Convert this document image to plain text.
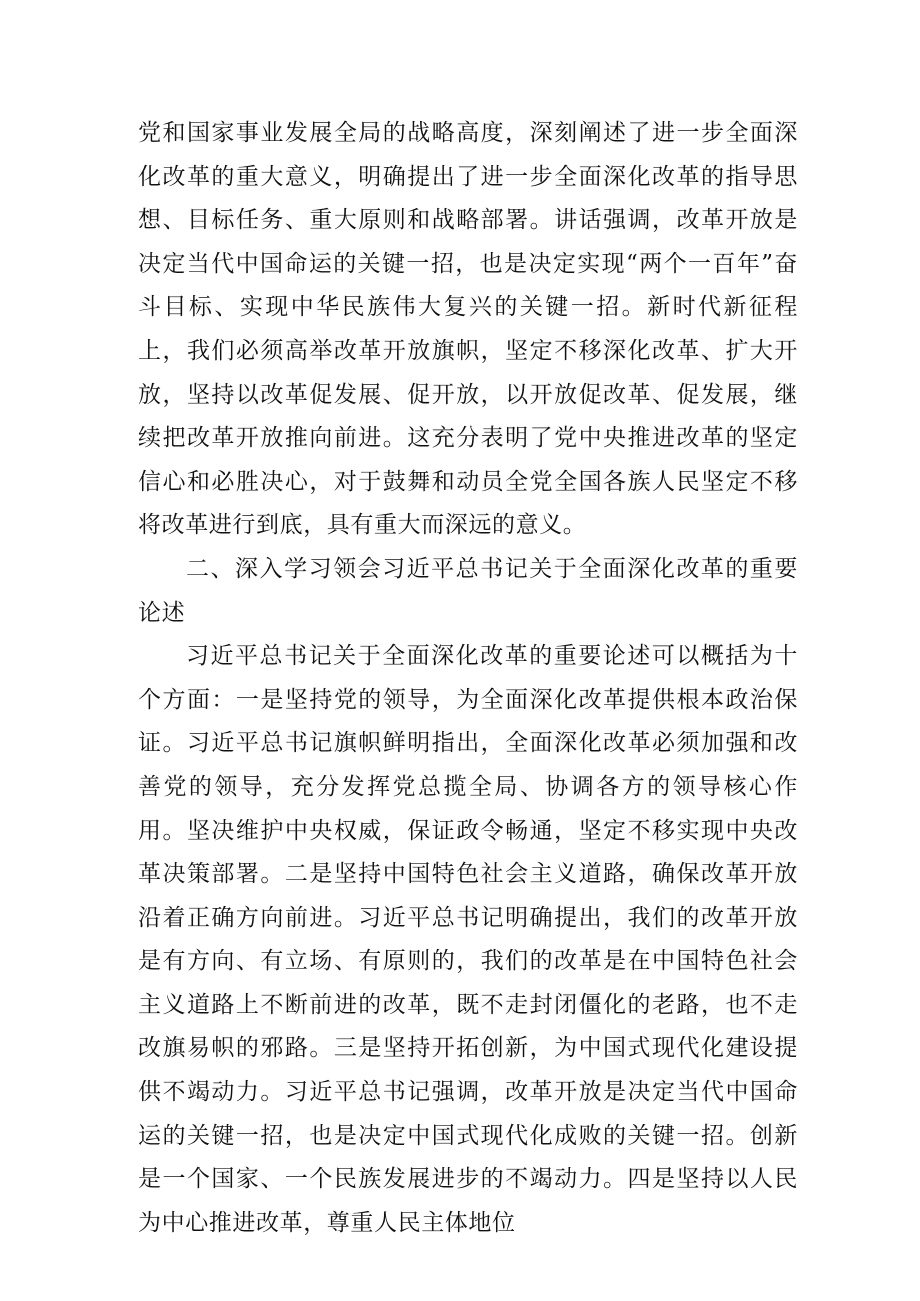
党和国家事业发展全局的战略高度，深刻阐述了进一步全面深化改革的重大意义，明确提出了进一步全面深化改革的指导思想、目标任务、重大原则和战略部署。讲话强调，改革开放是决定当代中国命运的关键一招，也是决定实现“两个一百年”奋斗目标、实现中华民族伟大复兴的关键一招。新时代新征程上，我们必须高举改革开放旗帜，坚定不移深化改革、扩大开放，坚持以改革促发展、促开放，以开放促改革、促发展，继续把改革开放推向前进。这充分表明了党中央推进改革的坚定信心和必胜决心，对于鼓舞和动员全党全国各族人民坚定不移将改革进行到底，具有重大而深远的意义。

二、深入学习领会习近平总书记关于全面深化改革的重要论述

习近平总书记关于全面深化改革的重要论述可以概括为十个方面：一是坚持党的领导，为全面深化改革提供根本政治保证。习近平总书记旗帜鲜明指出，全面深化改革必须加强和改善党的领导，充分发挥党总揽全局、协调各方的领导核心作用。坚决维护中央权威，保证政令畅通，坚定不移实现中央改革决策部署。二是坚持中国特色社会主义道路，确保改革开放沿着正确方向前进。习近平总书记明确提出，我们的改革开放是有方向、有立场、有原则的，我们的改革是在中国特色社会主义道路上不断前进的改革，既不走封闭僵化的老路，也不走改旗易帜的邪路。三是坚持开拓创新，为中国式现代化建设提供不竭动力。习近平总书记强调，改革开放是决定当代中国命运的关键一招，也是决定中国式现代化成败的关键一招。创新是一个国家、一个民族发展进步的不竭动力。四是坚持以人民为中心推进改革，尊重人民主体地位
